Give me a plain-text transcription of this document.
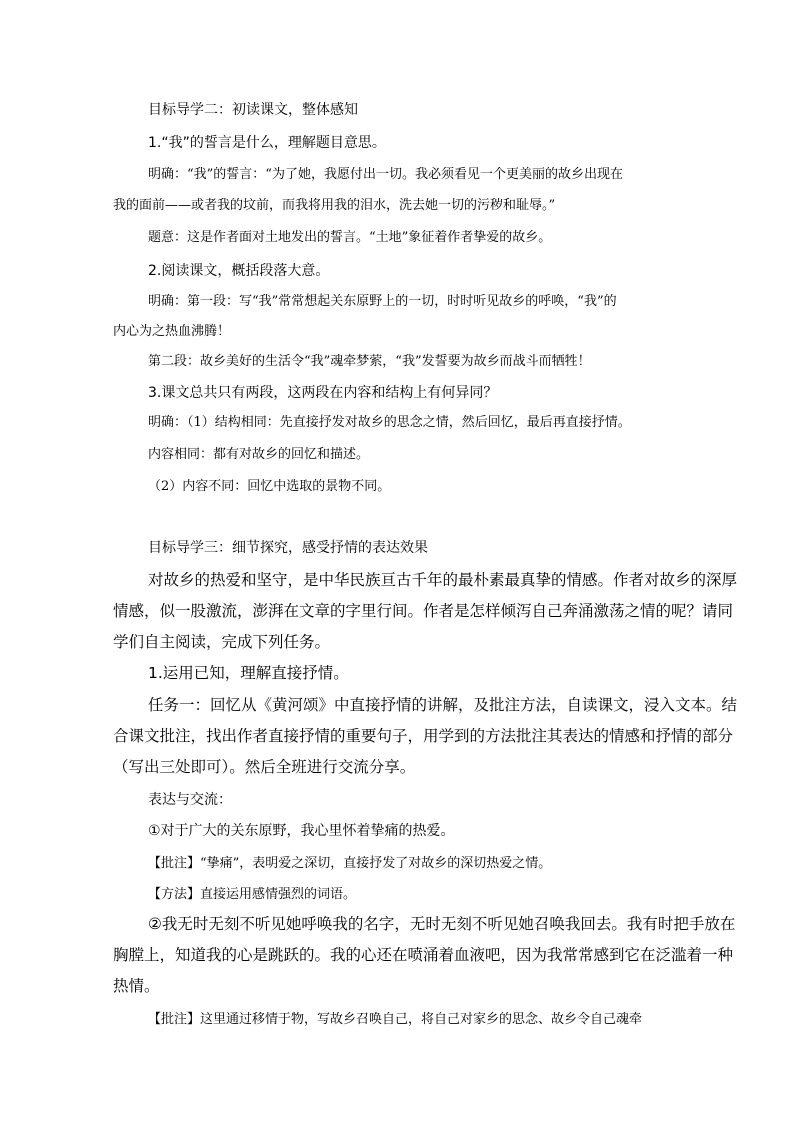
目标导学二：初读课文，整体感知
1.“我”的誓言是什么，理解题目意思。
明确：“我”的誓言：“为了她，我愿付出一切。我必须看见一个更美丽的故乡出现在
我的面前——或者我的坟前，而我将用我的泪水，洗去她一切的污秽和耻辱。”
题意：这是作者面对土地发出的誓言。“土地”象征着作者挚爱的故乡。
2.阅读课文，概括段落大意。
明确：第一段：写“我”常常想起关东原野上的一切，时时听见故乡的呼唤，“我”的
内心为之热血沸腾！
第二段：故乡美好的生活令“我”魂牵梦萦，“我”发誓要为故乡而战斗而牺牲！
3.课文总共只有两段，这两段在内容和结构上有何异同？
明确：（1）结构相同：先直接抒发对故乡的思念之情，然后回忆，最后再直接抒情。
内容相同：都有对故乡的回忆和描述。
（2）内容不同：回忆中选取的景物不同。
目标导学三：细节探究，感受抒情的表达效果
对故乡的热爱和坚守，是中华民族亘古千年的最朴素最真挚的情感。作者对故乡的深厚
情感，似一股激流，澎湃在文章的字里行间。作者是怎样倾泻自己奔涌激荡之情的呢？请同
学们自主阅读，完成下列任务。
1.运用已知，理解直接抒情。
任务一：回忆从《黄河颂》中直接抒情的讲解，及批注方法，自读课文，浸入文本。结
合课文批注，找出作者直接抒情的重要句子，用学到的方法批注其表达的情感和抒情的部分
（写出三处即可）。然后全班进行交流分享。
表达与交流：
①对于广大的关东原野，我心里怀着挚痛的热爱。
【批注】“挚痛”，表明爱之深切，直接抒发了对故乡的深切热爱之情。
【方法】直接运用感情强烈的词语。
②我无时无刻不听见她呼唤我的名字，无时无刻不听见她召唤我回去。我有时把手放在
胸膛上，知道我的心是跳跃的。我的心还在喷涌着血液吧，因为我常常感到它在泛滥着一种
热情。
【批注】这里通过移情于物，写故乡召唤自己，将自己对家乡的思念、故乡令自己魂牵
